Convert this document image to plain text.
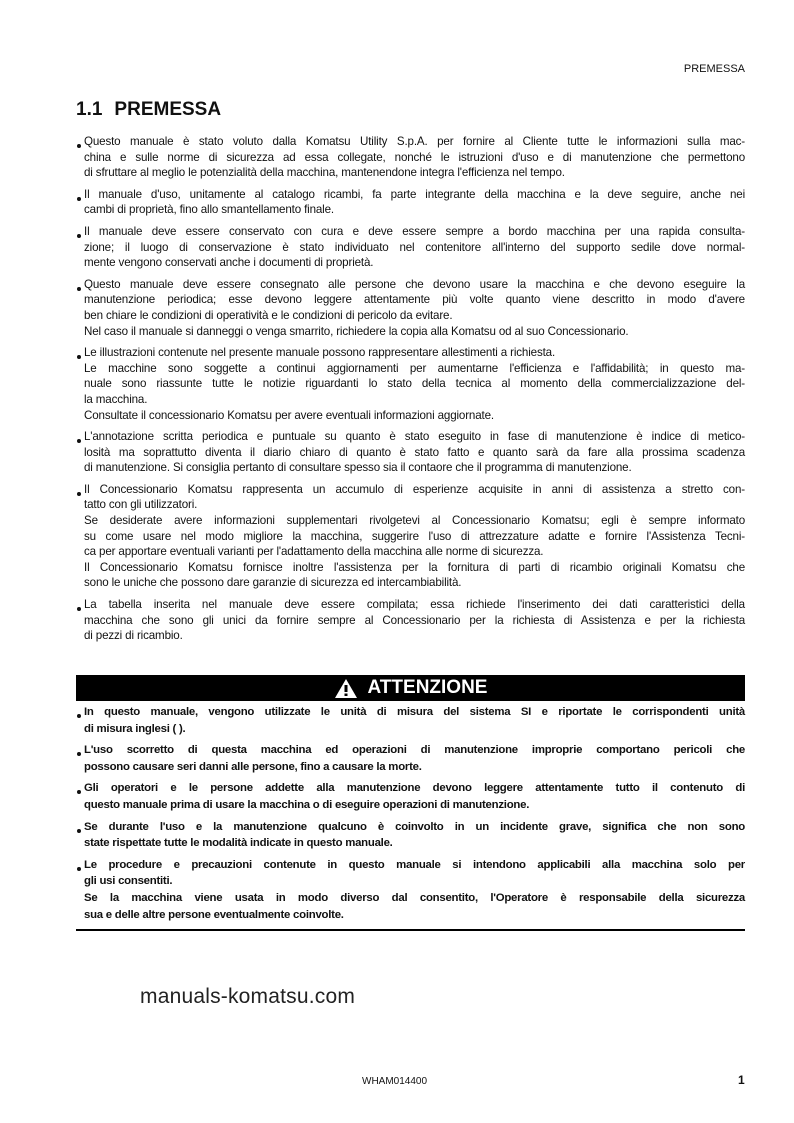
PREMESSA
1.1 PREMESSA
Questo manuale è stato voluto dalla Komatsu Utility S.p.A. per fornire al Cliente tutte le informazioni sulla mac-
china e sulle norme di sicurezza ad essa collegate, nonché le istruzioni d'uso e di manutenzione che permettono
di sfruttare al meglio le potenzialità della macchina, mantenendone integra l'efficienza nel tempo.
Il manuale d'uso, unitamente al catalogo ricambi, fa parte integrante della macchina e la deve seguire, anche nei
cambi di proprietà, fino allo smantellamento finale.
Il manuale deve essere conservato con cura e deve essere sempre a bordo macchina per una rapida consulta-
zione; il luogo di conservazione è stato individuato nel contenitore all'interno del supporto sedile dove normal-
mente vengono conservati anche i documenti di proprietà.
Questo manuale deve essere consegnato alle persone che devono usare la macchina e che devono eseguire la
manutenzione periodica; esse devono leggere attentamente più volte quanto viene descritto in modo d'avere
ben chiare le condizioni di operatività e le condizioni di pericolo da evitare.
Nel caso il manuale si danneggi o venga smarrito, richiedere la copia alla Komatsu od al suo Concessionario.
Le illustrazioni contenute nel presente manuale possono rappresentare allestimenti a richiesta.
Le macchine sono soggette a continui aggiornamenti per aumentarne l'efficienza e l'affidabilità; in questo ma-
nuale sono riassunte tutte le notizie riguardanti lo stato della tecnica al momento della commercializzazione del-
la macchina.
Consultate il concessionario Komatsu per avere eventuali informazioni aggiornate.
L'annotazione scritta periodica e puntuale su quanto è stato eseguito in fase di manutenzione è indice di metico-
losità ma soprattutto diventa il diario chiaro di quanto è stato fatto e quanto sarà da fare alla prossima scadenza
di manutenzione. Si consiglia pertanto di consultare spesso sia il contaore che il programma di manutenzione.
Il Concessionario Komatsu rappresenta un accumulo di esperienze acquisite in anni di assistenza a stretto con-
tatto con gli utilizzatori.
Se desiderate avere informazioni supplementari rivolgetevi al Concessionario Komatsu; egli è sempre informato
su come usare nel modo migliore la macchina, suggerire l'uso di attrezzature adatte e fornire l'Assistenza Tecni-
ca per apportare eventuali varianti per l'adattamento della macchina alle norme di sicurezza.
Il Concessionario Komatsu fornisce inoltre l'assistenza per la fornitura di parti di ricambio originali Komatsu che
sono le uniche che possono dare garanzie di sicurezza ed intercambiabilità.
La tabella inserita nel manuale deve essere compilata; essa richiede l'inserimento dei dati caratteristici della
macchina che sono gli unici da fornire sempre al Concessionario per la richiesta di Assistenza e per la richiesta
di pezzi di ricambio.
ATTENZIONE
In questo manuale, vengono utilizzate le unità di misura del sistema SI e riportate le corrispondenti unità
di misura inglesi ( ).
L'uso scorretto di questa macchina ed operazioni di manutenzione improprie comportano pericoli che
possono causare seri danni alle persone, fino a causare la morte.
Gli operatori e le persone addette alla manutenzione devono leggere attentamente tutto il contenuto di
questo manuale prima di usare la macchina o di eseguire operazioni di manutenzione.
Se durante l'uso e la manutenzione qualcuno è coinvolto in un incidente grave, significa che non sono
state rispettate tutte le modalità indicate in questo manuale.
Le procedure e precauzioni contenute in questo manuale si intendono applicabili alla macchina solo per
gli usi consentiti.
Se la macchina viene usata in modo diverso dal consentito, l'Operatore è responsabile della sicurezza
sua e delle altre persone eventualmente coinvolte.
manuals-komatsu.com
WHAM014400	1
